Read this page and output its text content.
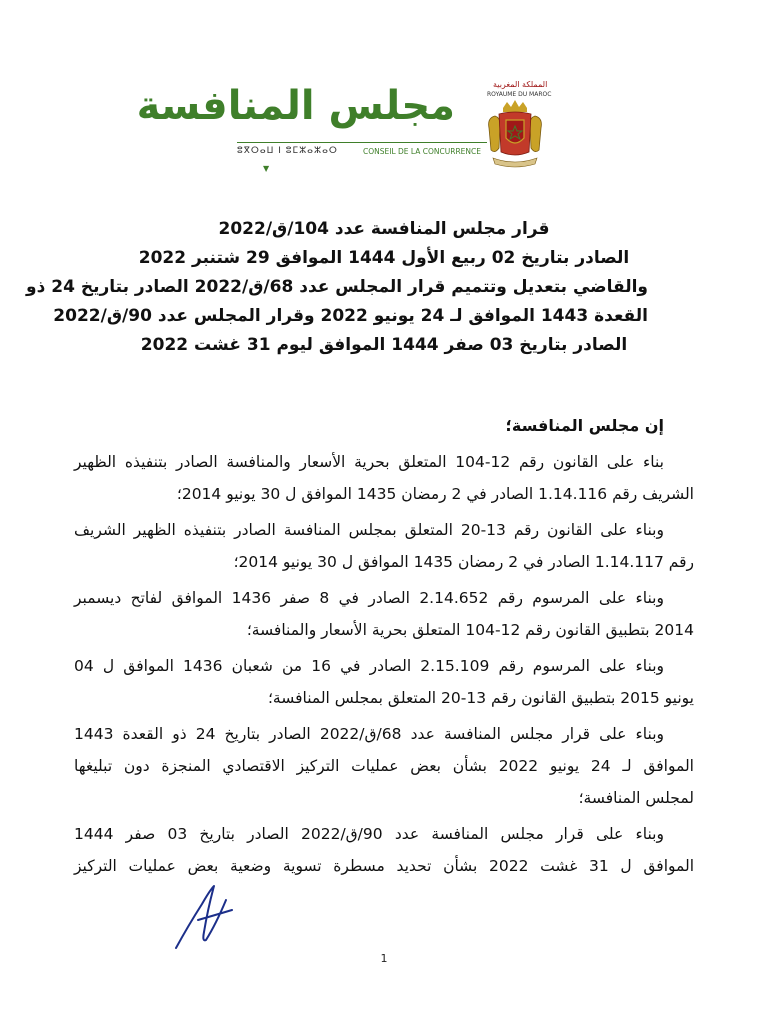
مجلس المنافسة
ⵓⴳⵔⴰⵡ ⵏ ⵓⵎⵣⴰⵣⴰⵔ	CONSEIL DE LA CONCURRENCE
▼
المملكة المغربية
ROYAUME DU MAROC
قرار مجلس المنافسة عدد 104/ق/2022
الصادر بتاريخ 02 ربيع الأول 1444 الموافق 29 شتنبر 2022
والقاضي بتعديل وتتميم قرار المجلس عدد 68/ق/2022 الصادر بتاريخ 24 ذو
القعدة 1443 الموافق لـ 24 يونيو 2022 وقرار المجلس عدد 90/ق/2022
الصادر بتاريخ 03 صفر 1444 الموافق ليوم 31 غشت 2022
إن مجلس المنافسة؛
بناء على القانون رقم 12-104 المتعلق بحرية الأسعار والمنافسة الصادر بتنفيذه الظهير
الشريف رقم 1.14.116 الصادر في 2 رمضان 1435 الموافق ل 30 يونيو 2014؛
وبناء على القانون رقم 13-20 المتعلق بمجلس المنافسة الصادر بتنفيذه الظهير الشريف
رقم 1.14.117 الصادر في 2 رمضان 1435 الموافق ل 30 يونيو 2014؛
وبناء على المرسوم رقم 2.14.652 الصادر في 8 صفر 1436 الموافق لفاتح ديسمبر
2014 بتطبيق القانون رقم 12-104 المتعلق بحرية الأسعار والمنافسة؛
وبناء على المرسوم رقم 2.15.109 الصادر في 16 من شعبان 1436 الموافق ل 04
يونيو 2015 بتطبيق القانون رقم 13-20 المتعلق بمجلس المنافسة؛
وبناء على قرار مجلس المنافسة عدد 68/ق/2022 الصادر بتاريخ 24 ذو القعدة 1443
الموافق لـ 24 يونيو 2022 بشأن بعض عمليات التركيز الاقتصادي المنجزة دون تبليغها
لمجلس المنافسة؛
وبناء على قرار مجلس المنافسة عدد 90/ق/2022 الصادر بتاريخ 03 صفر 1444
الموافق ل 31 غشت 2022 بشأن تحديد مسطرة تسوية وضعية بعض عمليات التركيز
1
